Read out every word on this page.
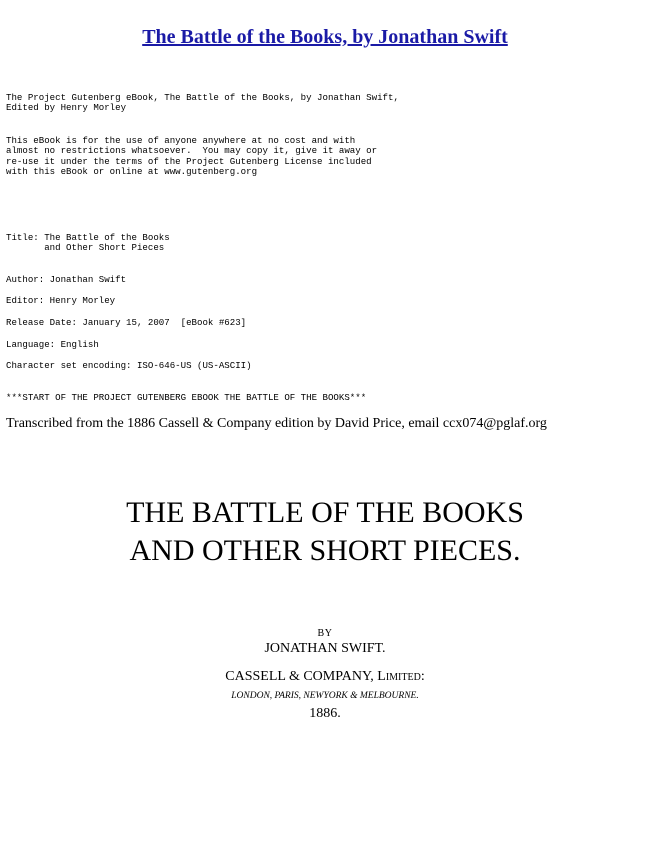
The Battle of the Books, by Jonathan Swift
The Project Gutenberg eBook, The Battle of the Books, by Jonathan Swift,
Edited by Henry Morley
This eBook is for the use of anyone anywhere at no cost and with
almost no restrictions whatsoever.  You may copy it, give it away or
re-use it under the terms of the Project Gutenberg License included
with this eBook or online at www.gutenberg.org
Title: The Battle of the Books
and Other Short Pieces
Author: Jonathan Swift
Editor: Henry Morley
Release Date: January 15, 2007  [eBook #623]
Language: English
Character set encoding: ISO-646-US (US-ASCII)
***START OF THE PROJECT GUTENBERG EBOOK THE BATTLE OF THE BOOKS***
Transcribed from the 1886 Cassell & Company edition by David Price, email ccx074@pglaf.org
THE BATTLE OF THE BOOKS
AND OTHER SHORT PIECES.
BY
JONATHAN SWIFT.
CASSELL & COMPANY, LIMITED:
LONDON, PARIS, NEWYORK & MELBOURNE.
1886.
